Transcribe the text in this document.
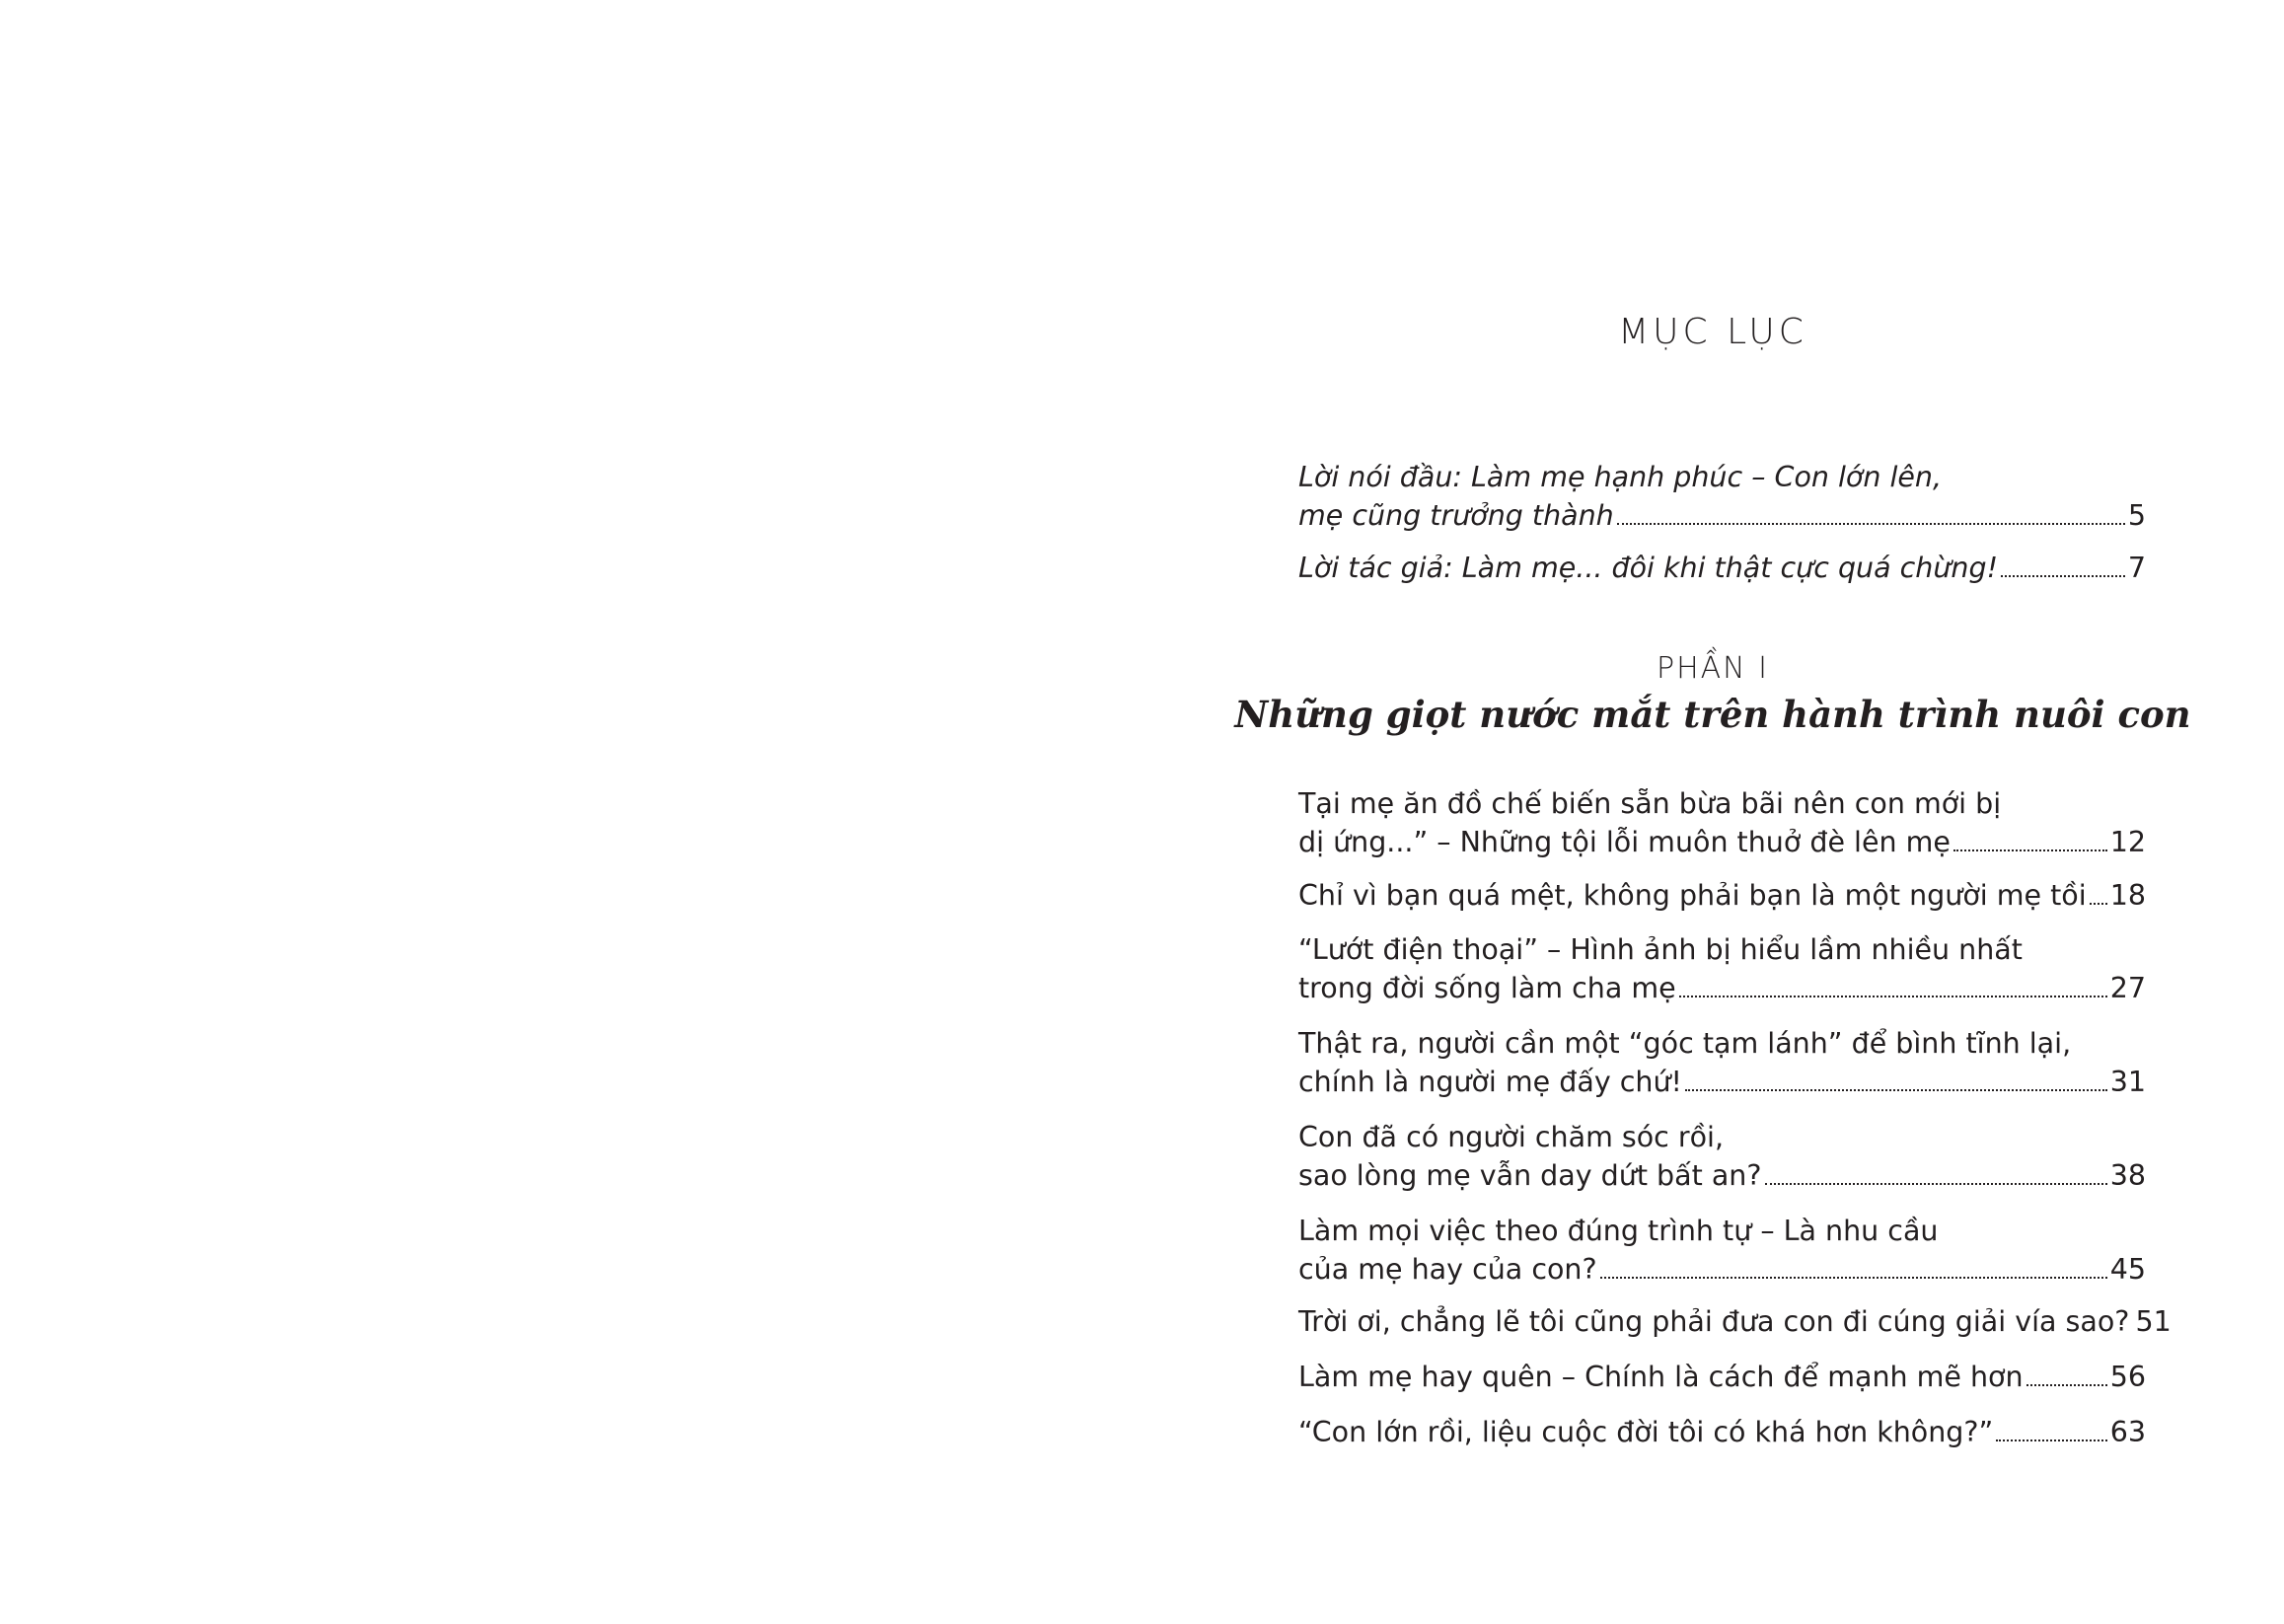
MỤC LỤC
Lời nói đầu: Làm mẹ hạnh phúc – Con lớn lên,
mẹ cũng trưởng thành	5
Lời tác giả: Làm mẹ... đôi khi thật cực quá chừng!	7
PHẦN I
Những giọt nước mắt trên hành trình nuôi con
Tại mẹ ăn đồ chế biến sẵn bừa bãi nên con mới bị
dị ứng...” – Những tội lỗi muôn thuở đè lên mẹ	12
Chỉ vì bạn quá mệt, không phải bạn là một người mẹ tồi 18
“Lướt điện thoại” – Hình ảnh bị hiểu lầm nhiều nhất
trong đời sống làm cha mẹ	27
Thật ra, người cần một “góc tạm lánh” để bình tĩnh lại,
chính là người mẹ đấy chứ!	31
Con đã có người chăm sóc rồi,
sao lòng mẹ vẫn day dứt bất an?	38
Làm mọi việc theo đúng trình tự – Là nhu cầu
của mẹ hay của con?	45
Trời ơi, chẳng lẽ tôi cũng phải đưa con đi cúng giải vía sao? 51
Làm mẹ hay quên – Chính là cách để mạnh mẽ hơn	56
“Con lớn rồi, liệu cuộc đời tôi có khá hơn không?”	63
